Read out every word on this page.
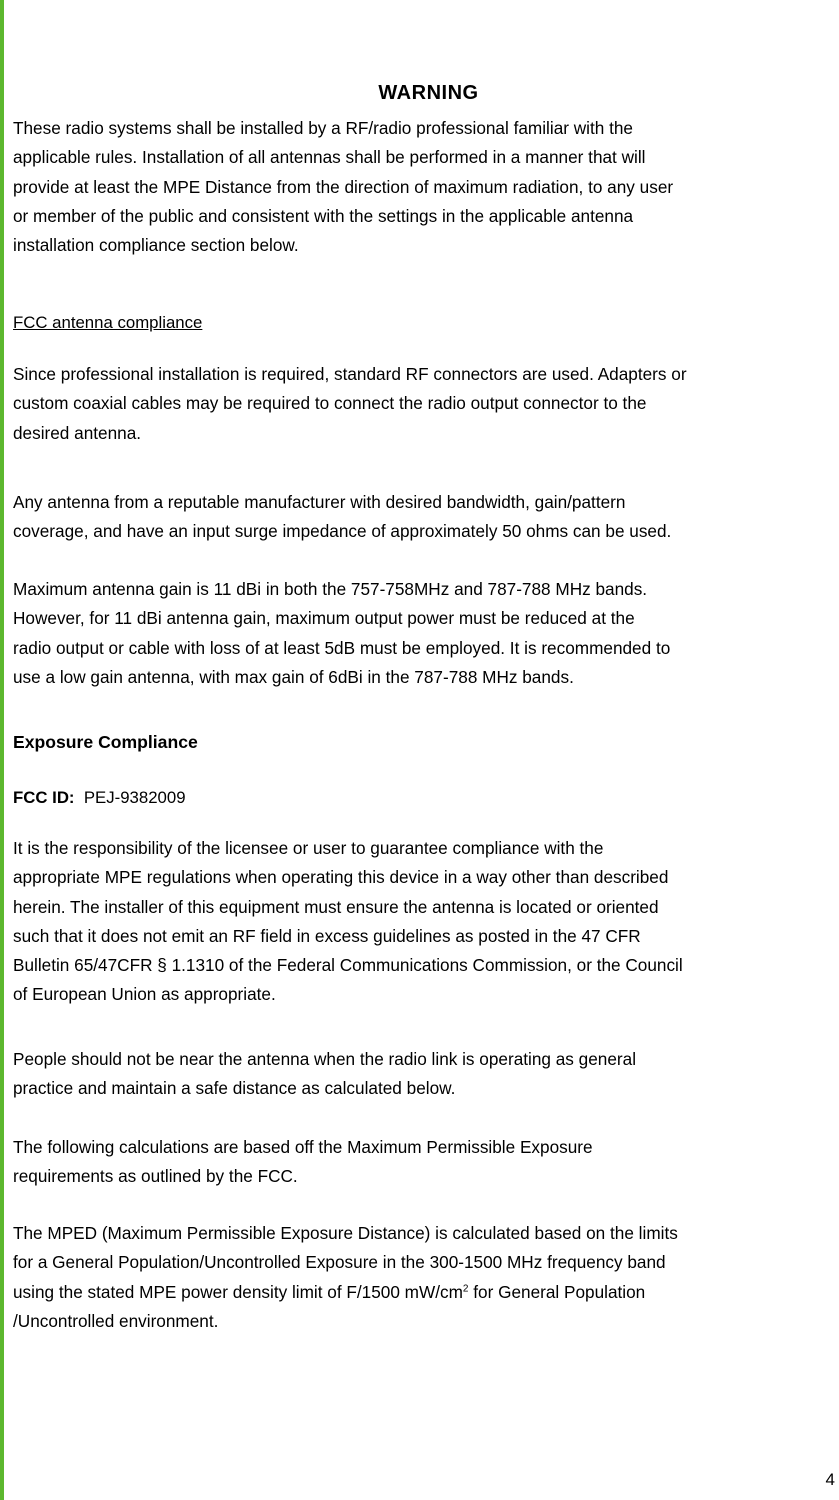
WARNING
These radio systems shall be installed by a RF/radio professional familiar with the
applicable rules. Installation of all antennas shall be performed in a manner that will
provide at least the MPE Distance from the direction of maximum radiation, to any user
or member of the public and consistent with the settings in the applicable antenna
installation compliance section below.
FCC antenna compliance
Since professional installation is required, standard RF connectors are used. Adapters or
custom coaxial cables may be required to connect the radio output connector to the
desired antenna.
Any antenna from a reputable manufacturer with desired bandwidth, gain/pattern
coverage, and have an input surge impedance of approximately 50 ohms can be used.
Maximum antenna gain is 11 dBi in both the 757-758MHz and 787-788 MHz bands.
However, for 11 dBi antenna gain, maximum output power must be reduced at the
radio output or cable with loss of at least 5dB must be employed. It is recommended to
use a low gain antenna, with max gain of 6dBi in the 787-788 MHz bands.
Exposure Compliance
FCC ID: PEJ-9382009
It is the responsibility of the licensee or user to guarantee compliance with the
appropriate MPE regulations when operating this device in a way other than described
herein. The installer of this equipment must ensure the antenna is located or oriented
such that it does not emit an RF field in excess guidelines as posted in the 47 CFR
Bulletin 65/47CFR § 1.1310 of the Federal Communications Commission, or the Council
of European Union as appropriate.
People should not be near the antenna when the radio link is operating as general
practice and maintain a safe distance as calculated below.
The following calculations are based off the Maximum Permissible Exposure
requirements as outlined by the FCC.
The MPED (Maximum Permissible Exposure Distance) is calculated based on the limits
for a General Population/Uncontrolled Exposure in the 300-1500 MHz frequency band
using the stated MPE power density limit of F/1500 $mW/cm^2$ for General Population
/Uncontrolled environment.
4
